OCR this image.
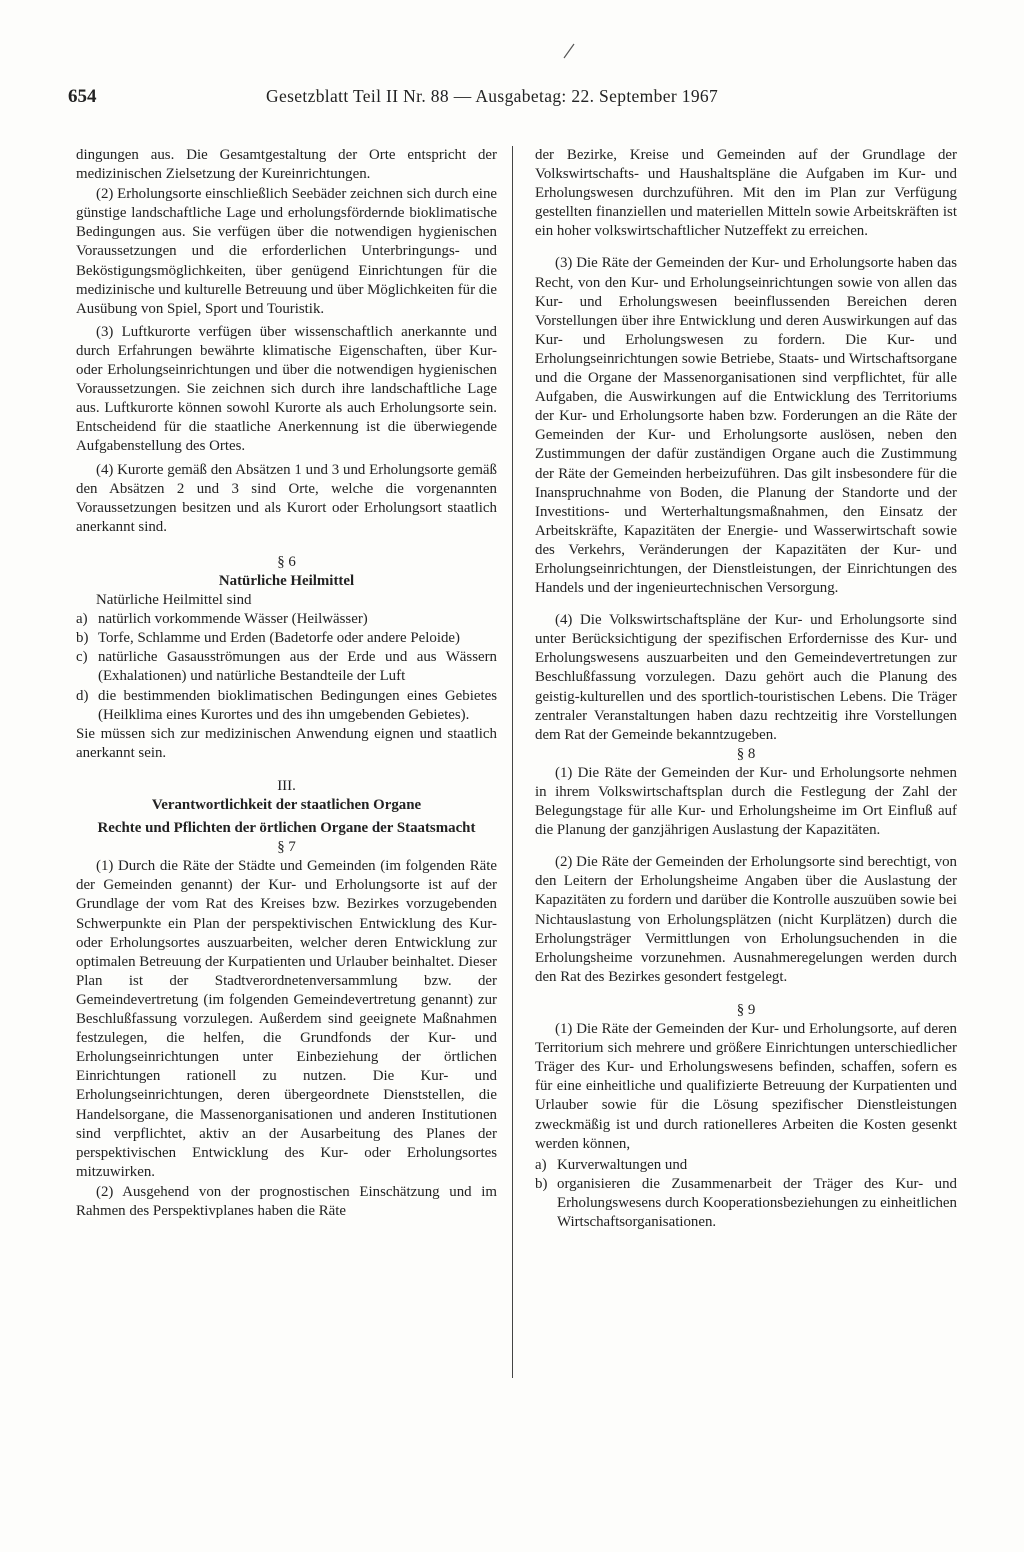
654	Gesetzblatt Teil II Nr. 88 — Ausgabetag: 22. September 1967

dingungen aus. Die Gesamtgestaltung der Orte entspricht der medizinischen Zielsetzung der Kureinrichtungen.

(2) Erholungsorte einschließlich Seebäder zeichnen sich durch eine günstige landschaftliche Lage und erholungsfördernde bioklimatische Bedingungen aus. Sie verfügen über die notwendigen hygienischen Voraussetzungen und die erforderlichen Unterbringungs- und Beköstigungsmöglichkeiten, über genügend Einrichtungen für die medizinische und kulturelle Betreuung und über Möglichkeiten für die Ausübung von Spiel, Sport und Touristik.

(3) Luftkurorte verfügen über wissenschaftlich anerkannte und durch Erfahrungen bewährte klimatische Eigenschaften, über Kur- oder Erholungseinrichtungen und über die notwendigen hygienischen Voraussetzungen. Sie zeichnen sich durch ihre landschaftliche Lage aus. Luftkurorte können sowohl Kurorte als auch Erholungsorte sein. Entscheidend für die staatliche Anerkennung ist die überwiegende Aufgabenstellung des Ortes.

(4) Kurorte gemäß den Absätzen 1 und 3 und Erholungsorte gemäß den Absätzen 2 und 3 sind Orte, welche die vorgenannten Voraussetzungen besitzen und als Kurort oder Erholungsort staatlich anerkannt sind.

§ 6

Natürliche Heilmittel

Natürliche Heilmittel sind

a) natürlich vorkommende Wässer (Heilwässer)
b) Torfe, Schlamme und Erden (Badetorfe oder andere Peloide)
c) natürliche Gasausströmungen aus der Erde und aus Wässern (Exhalationen) und natürliche Bestandteile der Luft
d) die bestimmenden bioklimatischen Bedingungen eines Gebietes (Heilklima eines Kurortes und des ihn umgebenden Gebietes).

Sie müssen sich zur medizinischen Anwendung eignen und staatlich anerkannt sein.

III.

Verantwortlichkeit der staatlichen Organe

Rechte und Pflichten der örtlichen Organe der Staatsmacht

§ 7

(1) Durch die Räte der Städte und Gemeinden (im folgenden Räte der Gemeinden genannt) der Kur- und Erholungsorte ist auf der Grundlage der vom Rat des Kreises bzw. Bezirkes vorzugebenden Schwerpunkte ein Plan der perspektivischen Entwicklung des Kur- oder Erholungsortes auszuarbeiten, welcher deren Entwicklung zur optimalen Betreuung der Kurpatienten und Urlauber beinhaltet. Dieser Plan ist der Stadtverordnetenversammlung bzw. der Gemeindevertretung (im folgenden Gemeindevertretung genannt) zur Beschlußfassung vorzulegen. Außerdem sind geeignete Maßnahmen festzulegen, die helfen, die Grundfonds der Kur- und Erholungseinrichtungen unter Einbeziehung der örtlichen Einrichtungen rationell zu nutzen. Die Kur- und Erholungseinrichtungen, deren übergeordnete Dienststellen, die Handelsorgane, die Massenorganisationen und anderen Institutionen sind verpflichtet, aktiv an der Ausarbeitung des Planes der perspektivischen Entwicklung des Kur- oder Erholungsortes mitzuwirken.

(2) Ausgehend von der prognostischen Einschätzung und im Rahmen des Perspektivplanes haben die Räte

der Bezirke, Kreise und Gemeinden auf der Grundlage der Volkswirtschafts- und Haushaltspläne die Aufgaben im Kur- und Erholungswesen durchzuführen. Mit den im Plan zur Verfügung gestellten finanziellen und materiellen Mitteln sowie Arbeitskräften ist ein hoher volkswirtschaftlicher Nutzeffekt zu erreichen.

(3) Die Räte der Gemeinden der Kur- und Erholungsorte haben das Recht, von den Kur- und Erholungseinrichtungen sowie von allen das Kur- und Erholungswesen beeinflussenden Bereichen deren Vorstellungen über ihre Entwicklung und deren Auswirkungen auf das Kur- und Erholungswesen zu fordern. Die Kur- und Erholungseinrichtungen sowie Betriebe, Staats- und Wirtschaftsorgane und die Organe der Massenorganisationen sind verpflichtet, für alle Aufgaben, die Auswirkungen auf die Entwicklung des Territoriums der Kur- und Erholungsorte haben bzw. Forderungen an die Räte der Gemeinden der Kur- und Erholungsorte auslösen, neben den Zustimmungen der dafür zuständigen Organe auch die Zustimmung der Räte der Gemeinden herbeizuführen. Das gilt insbesondere für die Inanspruchnahme von Boden, die Planung der Standorte und der Investitions- und Werterhaltungsmaßnahmen, den Einsatz der Arbeitskräfte, Kapazitäten der Energie- und Wasserwirtschaft sowie des Verkehrs, Veränderungen der Kapazitäten der Kur- und Erholungseinrichtungen, der Dienstleistungen, der Einrichtungen des Handels und der ingenieurtechnischen Versorgung.

(4) Die Volkswirtschaftspläne der Kur- und Erholungsorte sind unter Berücksichtigung der spezifischen Erfordernisse des Kur- und Erholungswesens auszuarbeiten und den Gemeindevertretungen zur Beschlußfassung vorzulegen. Dazu gehört auch die Planung des geistig-kulturellen und des sportlich-touristischen Lebens. Die Träger zentraler Veranstaltungen haben dazu rechtzeitig ihre Vorstellungen dem Rat der Gemeinde bekanntzugeben.

§ 8

(1) Die Räte der Gemeinden der Kur- und Erholungsorte nehmen in ihrem Volkswirtschaftsplan durch die Festlegung der Zahl der Belegungstage für alle Kur- und Erholungsheime im Ort Einfluß auf die Planung der ganzjährigen Auslastung der Kapazitäten.

(2) Die Räte der Gemeinden der Erholungsorte sind berechtigt, von den Leitern der Erholungsheime Angaben über die Auslastung der Kapazitäten zu fordern und darüber die Kontrolle auszuüben sowie bei Nichtauslastung von Erholungsplätzen (nicht Kurplätzen) durch die Erholungsträger Vermittlungen von Erholungsuchenden in die Erholungsheime vorzunehmen. Ausnahmeregelungen werden durch den Rat des Bezirkes gesondert festgelegt.

§ 9

(1) Die Räte der Gemeinden der Kur- und Erholungsorte, auf deren Territorium sich mehrere und größere Einrichtungen unterschiedlicher Träger des Kur- und Erholungswesens befinden, schaffen, sofern es für eine einheitliche und qualifizierte Betreuung der Kurpatienten und Urlauber sowie für die Lösung spezifischer Dienstleistungen zweckmäßig ist und durch rationelleres Arbeiten die Kosten gesenkt werden können,

a) Kurverwaltungen und
b) organisieren die Zusammenarbeit der Träger des Kur- und Erholungswesens durch Kooperationsbeziehungen zu einheitlichen Wirtschaftsorganisationen.
